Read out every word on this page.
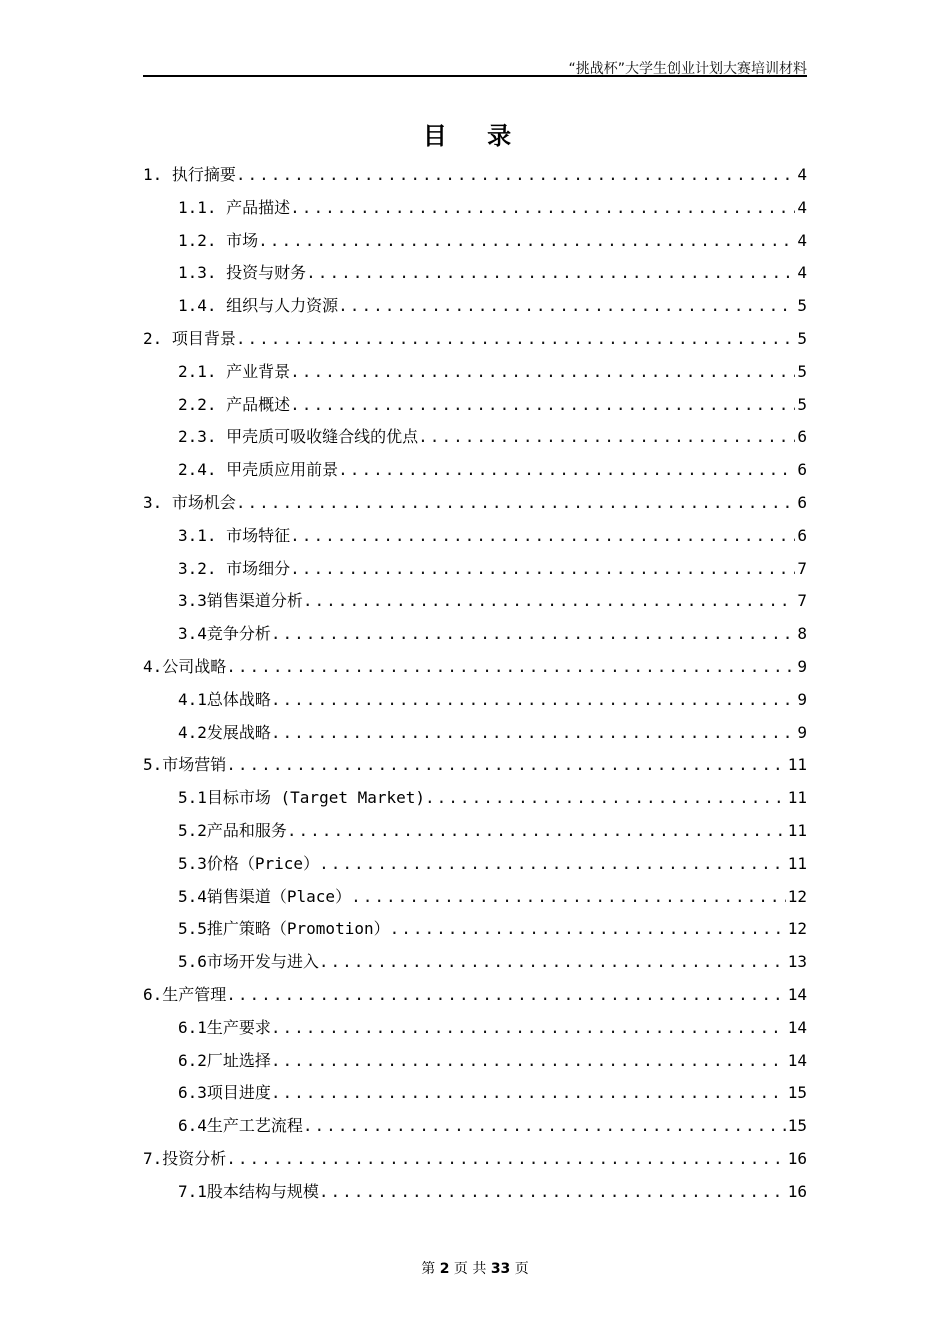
“挑战杯”大学生创业计划大赛培训材料
目 录
1. 执行摘要 .....	4
1.1. 产品描述 .....	4
1.2. 市场 .....	4
1.3. 投资与财务 .....	4
1.4. 组织与人力资源 .....	5
2. 项目背景 .....	5
2.1. 产业背景 .....	5
2.2. 产品概述 .....	5
2.3. 甲壳质可吸收缝合线的优点 .....	6
2.4. 甲壳质应用前景 .....	6
3. 市场机会 .....	6
3.1. 市场特征 .....	6
3.2. 市场细分 .....	7
3.3销售渠道分析 .....	7
3.4竞争分析 .....	8
4.公司战略 .....	9
4.1总体战略 .....	9
4.2发展战略 .....	9
5.市场营销 .....	11
5.1目标市场 (Target Market) .....	11
5.2产品和服务 .....	11
5.3价格（Price） .....	11
5.4销售渠道（Place） .....	12
5.5推广策略（Promotion） .....	12
5.6市场开发与进入 .....	13
6.生产管理 .....	14
6.1生产要求 .....	14
6.2厂址选择 .....	14
6.3项目进度 .....	15
6.4生产工艺流程 .....	15
7.投资分析 .....	16
7.1股本结构与规模 .....	16
第 2 页 共 33 页
